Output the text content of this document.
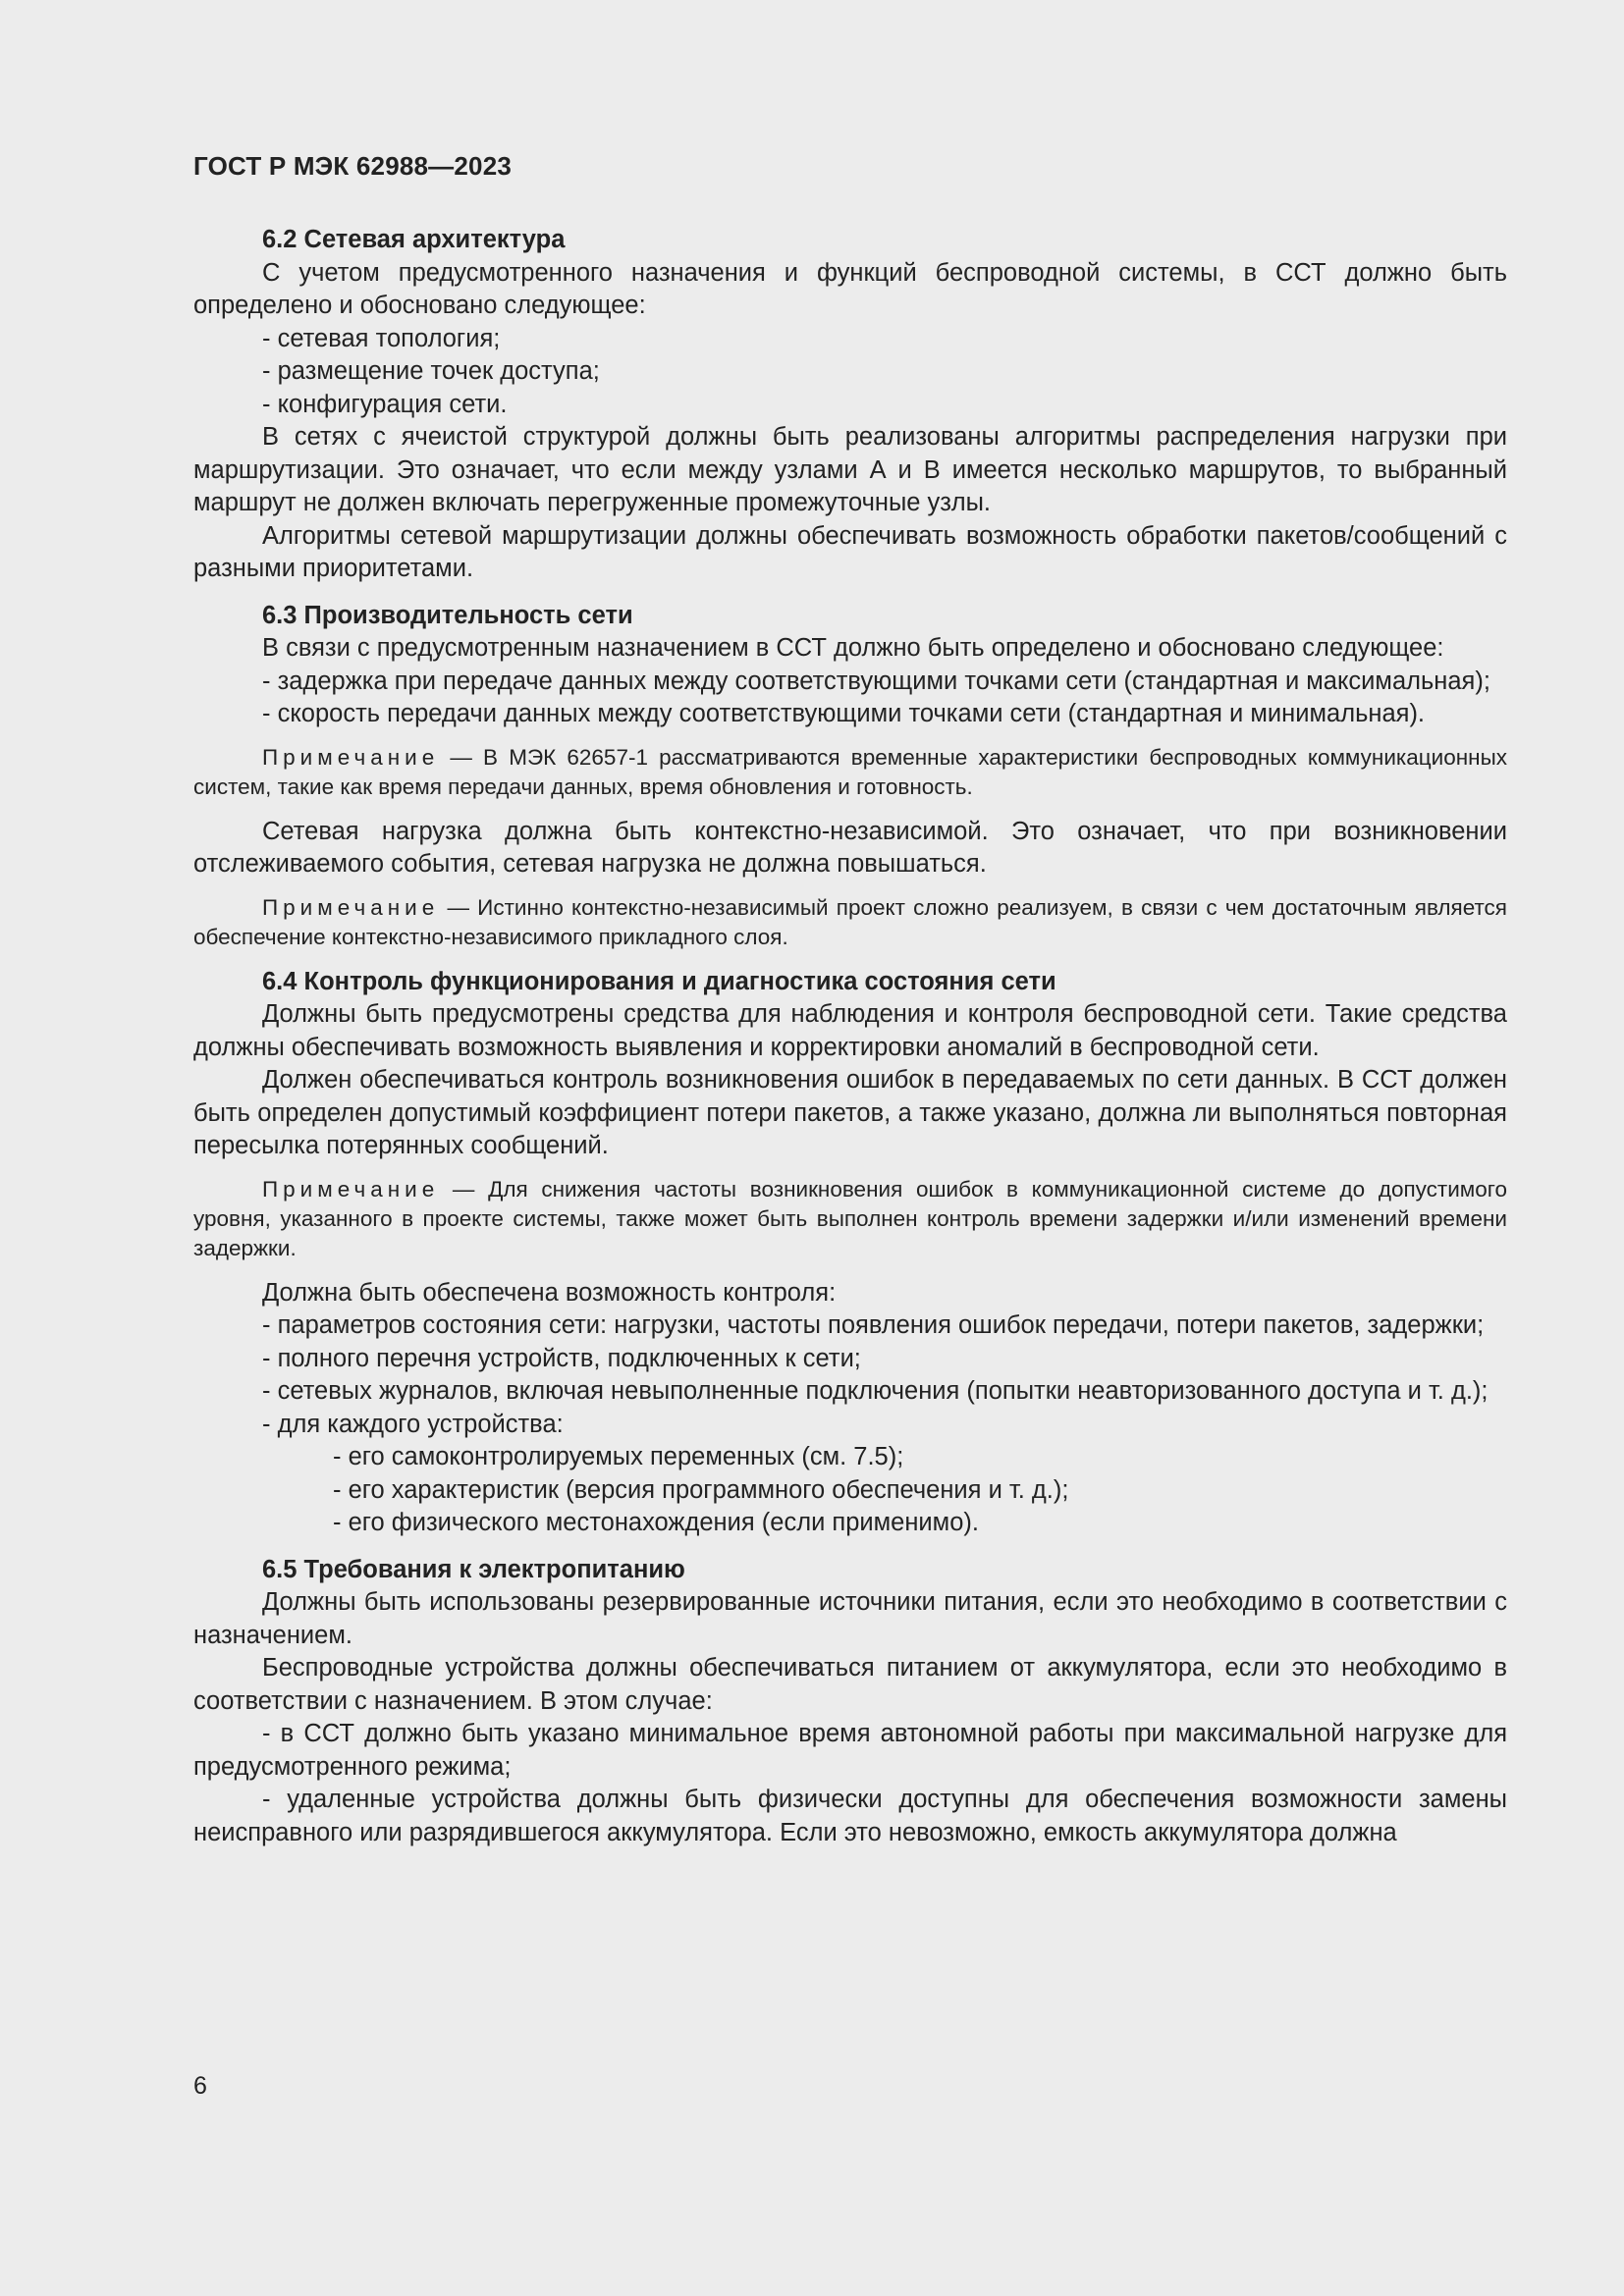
ГОСТ Р МЭК 62988—2023

6.2 Сетевая архитектура

С учетом предусмотренного назначения и функций беспроводной системы, в ССТ должно быть определено и обосновано следующее:

- сетевая топология;

- размещение точек доступа;

- конфигурация сети.

В сетях с ячеистой структурой должны быть реализованы алгоритмы распределения нагрузки при маршрутизации. Это означает, что если между узлами А и В имеется несколько маршрутов, то выбранный маршрут не должен включать перегруженные промежуточные узлы.

Алгоритмы сетевой маршрутизации должны обеспечивать возможность обработки пакетов/сообщений с разными приоритетами.

6.3 Производительность сети

В связи с предусмотренным назначением в ССТ должно быть определено и обосновано следующее:

- задержка при передаче данных между соответствующими точками сети (стандартная и максимальная);

- скорость передачи данных между соответствующими точками сети (стандартная и минимальная).

Примечание — В МЭК 62657-1 рассматриваются временные характеристики беспроводных коммуникационных систем, такие как время передачи данных, время обновления и готовность.

Сетевая нагрузка должна быть контекстно-независимой. Это означает, что при возникновении отслеживаемого события, сетевая нагрузка не должна повышаться.

Примечание — Истинно контекстно-независимый проект сложно реализуем, в связи с чем достаточным является обеспечение контекстно-независимого прикладного слоя.

6.4 Контроль функционирования и диагностика состояния сети

Должны быть предусмотрены средства для наблюдения и контроля беспроводной сети. Такие средства должны обеспечивать возможность выявления и корректировки аномалий в беспроводной сети.

Должен обеспечиваться контроль возникновения ошибок в передаваемых по сети данных. В ССТ должен быть определен допустимый коэффициент потери пакетов, а также указано, должна ли выполняться повторная пересылка потерянных сообщений.

Примечание — Для снижения частоты возникновения ошибок в коммуникационной системе до допустимого уровня, указанного в проекте системы, также может быть выполнен контроль времени задержки и/или изменений времени задержки.

Должна быть обеспечена возможность контроля:

- параметров состояния сети: нагрузки, частоты появления ошибок передачи, потери пакетов, задержки;

- полного перечня устройств, подключенных к сети;

- сетевых журналов, включая невыполненные подключения (попытки неавторизованного доступа и т. д.);

- для каждого устройства:

- его самоконтролируемых переменных (см. 7.5);

- его характеристик (версия программного обеспечения и т. д.);

- его физического местонахождения (если применимо).

6.5 Требования к электропитанию

Должны быть использованы резервированные источники питания, если это необходимо в соответствии с назначением.

Беспроводные устройства должны обеспечиваться питанием от аккумулятора, если это необходимо в соответствии с назначением. В этом случае:

- в ССТ должно быть указано минимальное время автономной работы при максимальной нагрузке для предусмотренного режима;

- удаленные устройства должны быть физически доступны для обеспечения возможности замены неисправного или разрядившегося аккумулятора. Если это невозможно, емкость аккумулятора должна

6
